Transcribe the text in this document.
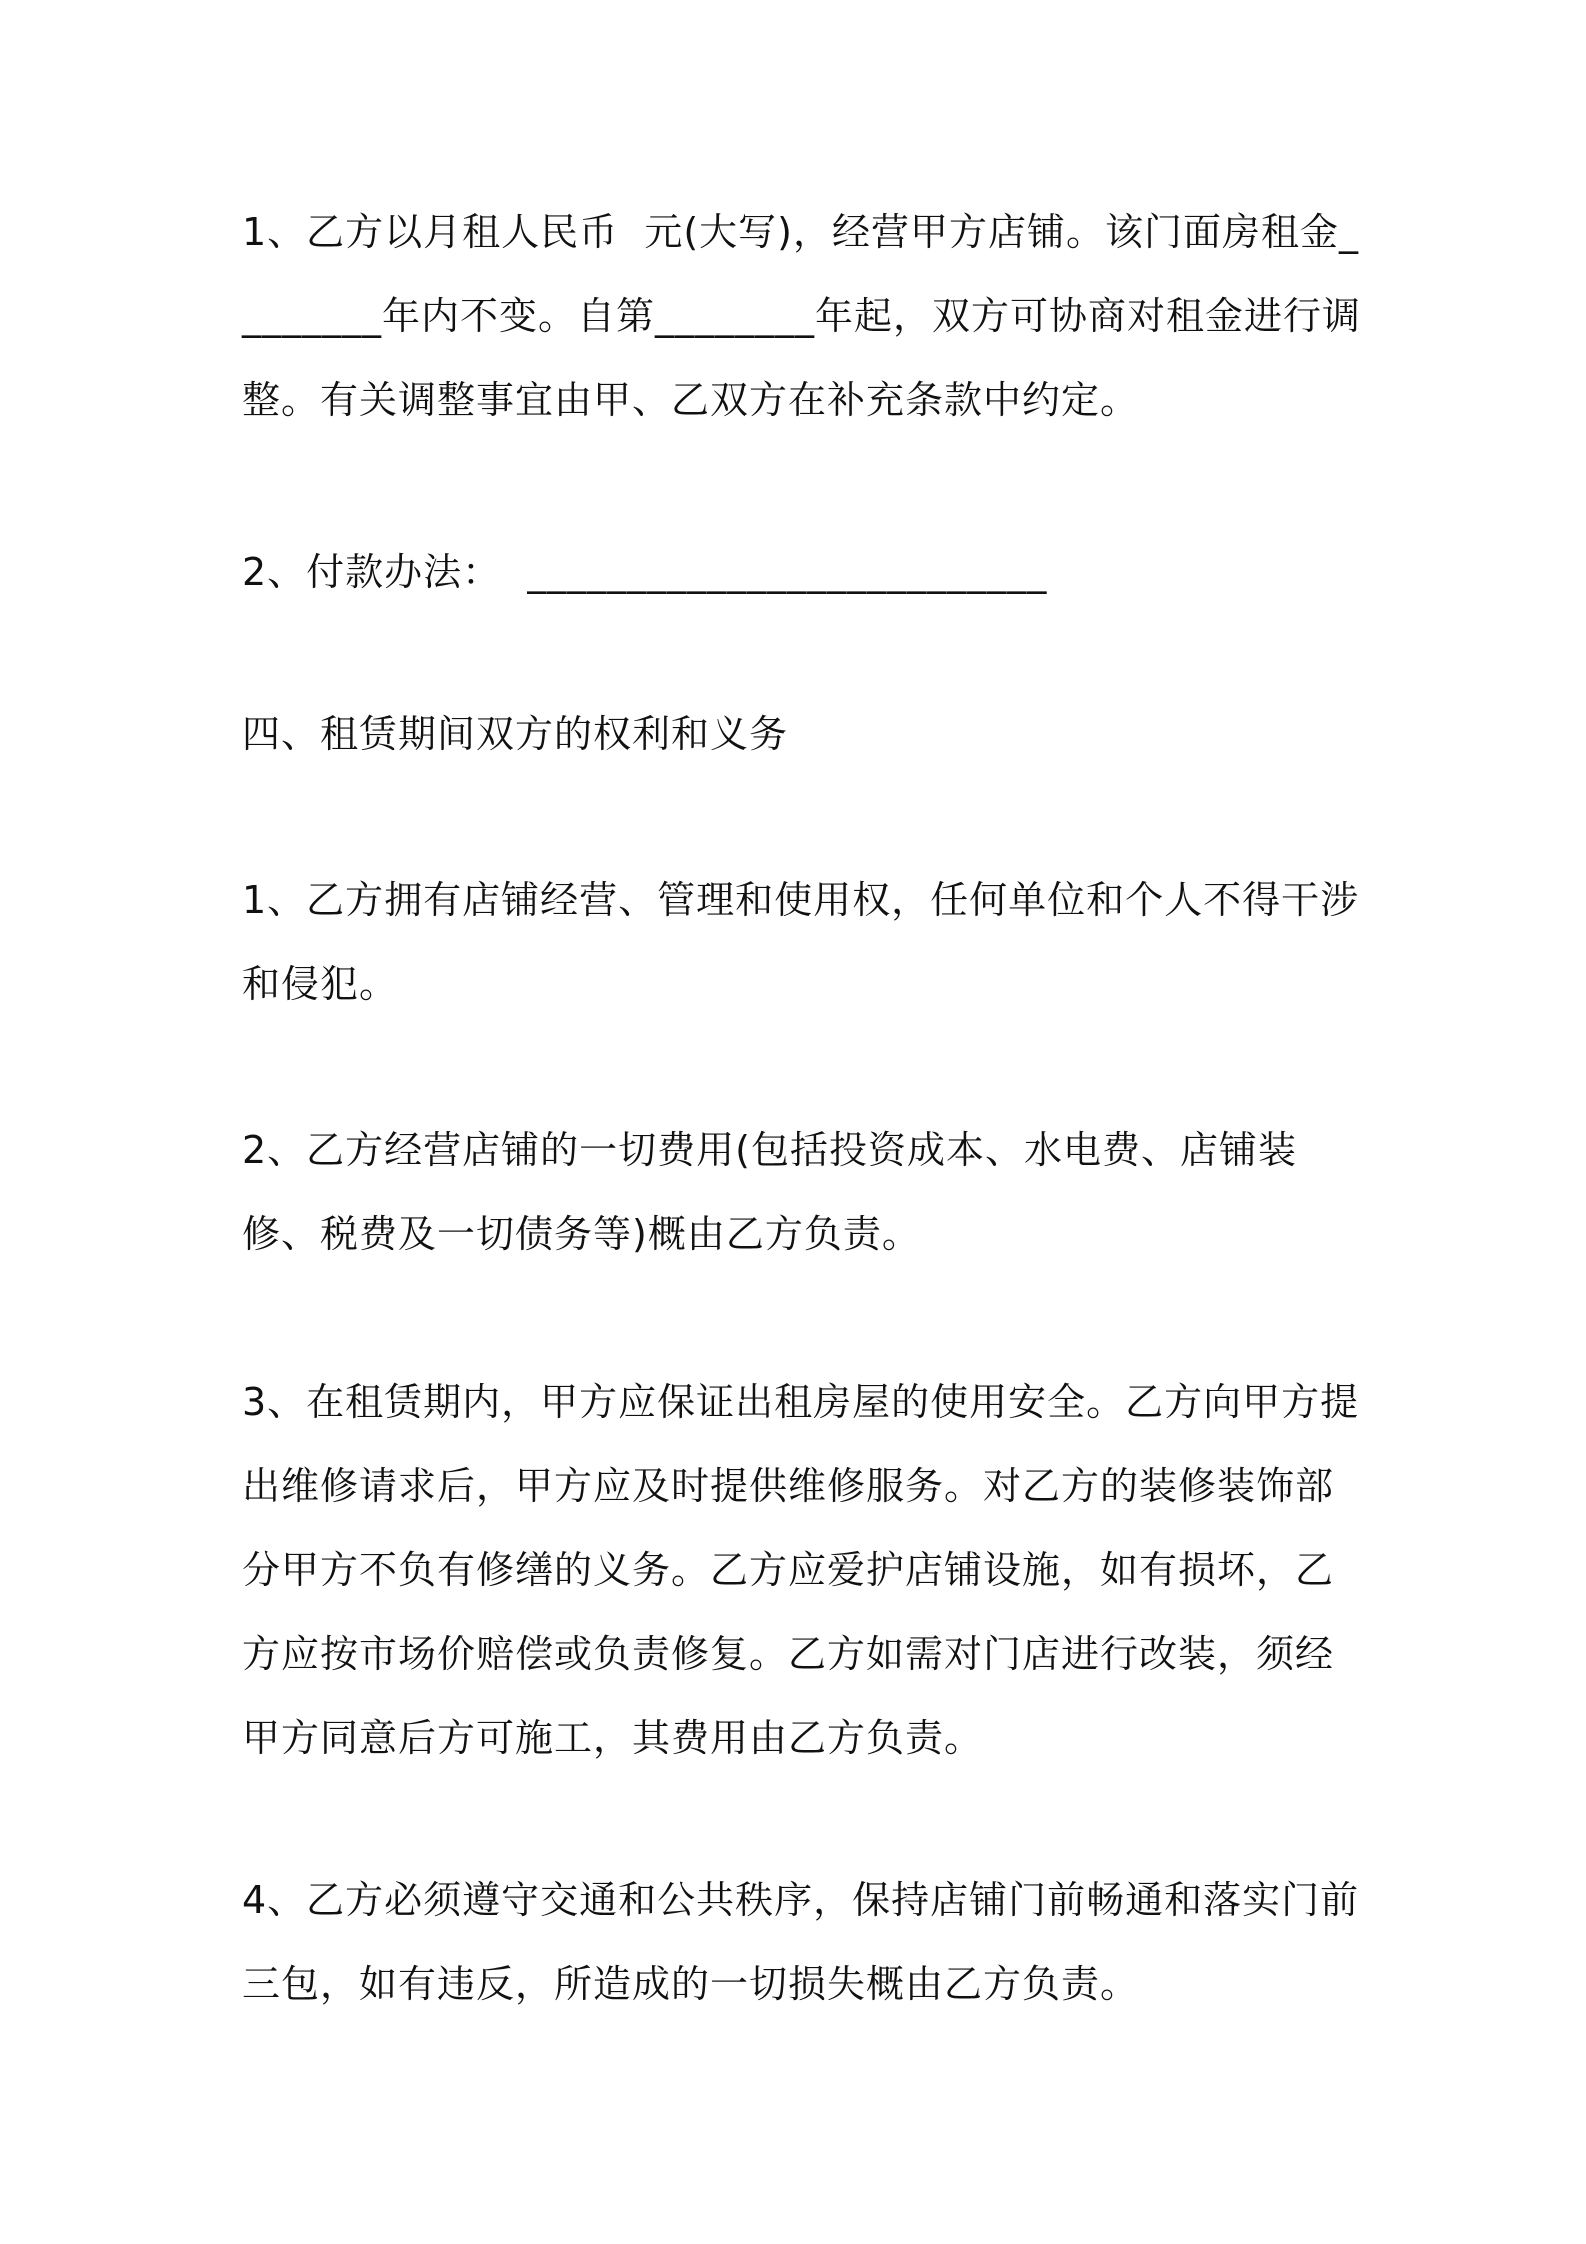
1、乙方以月租人民币  元(大写)，经营甲方店铺。该门面房租金________年内不变。自第________年起，双方可协商对租金进行调整。有关调整事宜由甲、乙双方在补充条款中约定。

2、付款办法：  __________________________

四、租赁期间双方的权利和义务

1、乙方拥有店铺经营、管理和使用权，任何单位和个人不得干涉和侵犯。

2、乙方经营店铺的一切费用(包括投资成本、水电费、店铺装修、税费及一切债务等)概由乙方负责。

3、在租赁期内，甲方应保证出租房屋的使用安全。乙方向甲方提出维修请求后，甲方应及时提供维修服务。对乙方的装修装饰部分甲方不负有修缮的义务。乙方应爱护店铺设施，如有损坏，乙方应按市场价赔偿或负责修复。乙方如需对门店进行改装，须经甲方同意后方可施工，其费用由乙方负责。

4、乙方必须遵守交通和公共秩序，保持店铺门前畅通和落实门前三包，如有违反，所造成的一切损失概由乙方负责。
